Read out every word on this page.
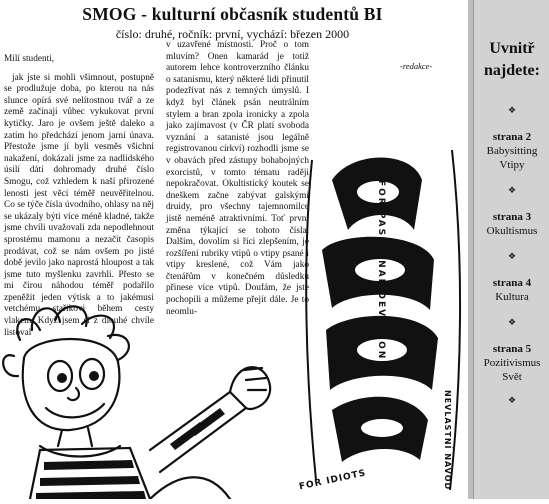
SMOG - kulturní občasník studentů BI
číslo: druhé, ročník: první, vychází: březen 2000

Milí studenti,

jak jste si mohli všimnout, postupně se prodlužuje doba, po kterou na nás slunce opírá své nelítostnou tvář a ze země začínají vůbec vykukovat první kytičky. Jaro je ovšem ještě daleko a zatím ho předchází jenom jarní únava. Přestože jsme jí byli vesměs všichni nakažení, dokázali jsme za nadlidského úsilí dáti dohromady druhé číslo Smogu, což vzhledem k naší přirozené lenosti jest věcí téměř neuvěřitelnou. Co se týče čísla úvodního, ohlasy na něj se ukázaly býti více méně kladné, takže jsme chvíli uvažovali zda nepodlehnout sprostému mamonu a nezačít časopis prodávat, což se nám ovšem po jisté době jevilo jako naprostá hloupost a tak jsme tuto myšlenku zavrhli. Přesto se mi čirou náhodou téměř podařilo zpeněžit jeden výtisk a to jakémusi vetchému stařikovi během cesty vlakem. Když jsem si z dlouhé chvíle listoval

v uzavřené místnosti. Proč o tom mluvím? Onen kamarád je totiž autorem lehce kontroverzního článku o satanismu, který některé lidi přinutil podezřívat nás z temných úmyslů. I když byl článek psán neutrálním stylem a bran zpola ironicky a zpola jako zajímavost (v ČR platí svoboda vyznání a satanisté jsou legálně registrovanou církví) rozhodli jsme se v obavách před zástupy bohabojných exorcistů, v tomto tématu raději nepokračovat. Okultistický koutek se dneškem začne zabývat galskými druidy, pro všechny tajemnomilce jistě neméně atraktivními. Toť první změna týkající se tohoto čísla. Dalším, dovolím si říci zlepšením, je rozšíření rubriky vtipů o vtipy psané i vtipy kreslené, což Vám jako čtenářům v konečném důsledku přinese více vtipů. Doufám, že jste pochopili a můžeme přejít dále. Je to neomlu-

-redakce-
FOR PASSIONAL DEVOTION
FOR IDIOTS	NEVLASTNÍ NÁVOD
Uvnitř najdete:
❖
strana 2
Babysitting Vtipy
❖
strana 3
Okultismus
❖
strana 4
Kultura
❖
strana 5
Pozitivismus Svět
❖
